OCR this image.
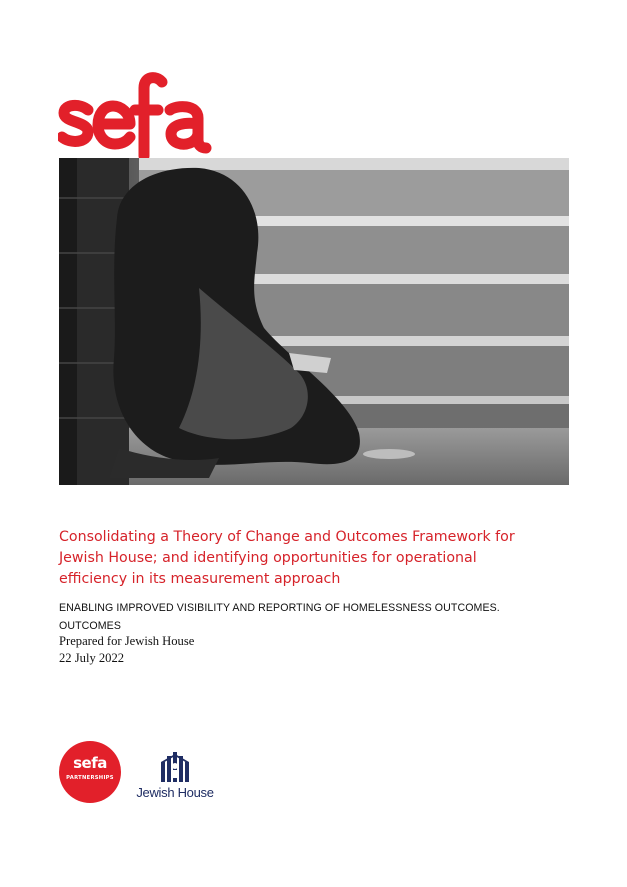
Consolidating a Theory of Change and Outcomes Framework for Jewish House; and identifying opportunities for operational efficiency in its measurement approach
ENABLING IMPROVED VISIBILITY AND REPORTING OF HOMELESSNESS OUTCOMES. OUTCOMES
Prepared for Jewish House
22 July 2022
sefa
PARTNERSHIPS
Jewish House
